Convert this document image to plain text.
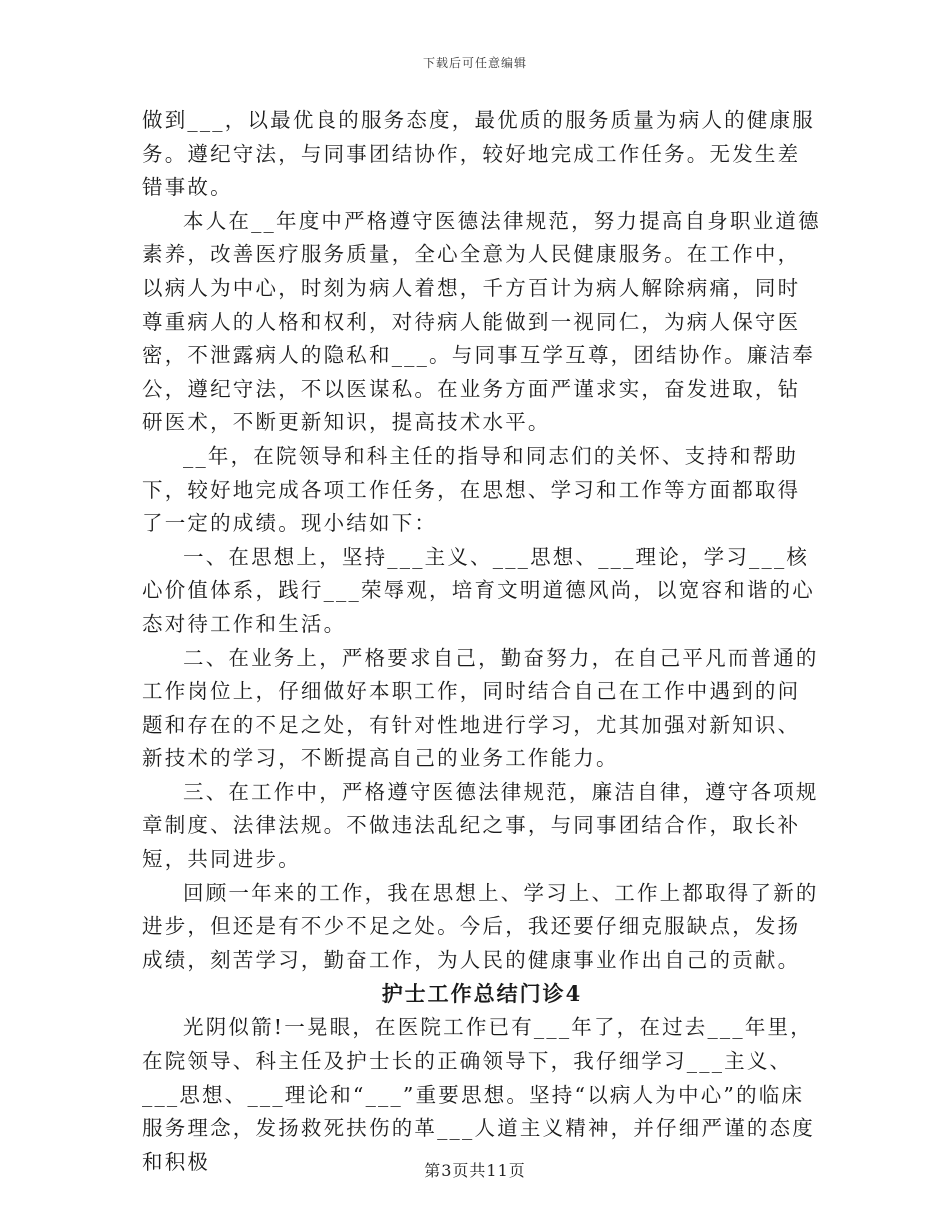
下载后可任意编辑

做到___，以最优良的服务态度，最优质的服务质量为病人的健康服务。遵纪守法，与同事团结协作，较好地完成工作任务。无发生差错事故。

本人在__年度中严格遵守医德法律规范，努力提高自身职业道德素养，改善医疗服务质量，全心全意为人民健康服务。在工作中，以病人为中心，时刻为病人着想，千方百计为病人解除病痛，同时尊重病人的人格和权利，对待病人能做到一视同仁，为病人保守医密，不泄露病人的隐私和___。与同事互学互尊，团结协作。廉洁奉公，遵纪守法，不以医谋私。在业务方面严谨求实，奋发进取，钻研医术，不断更新知识，提高技术水平。

__年，在院领导和科主任的指导和同志们的关怀、支持和帮助下，较好地完成各项工作任务，在思想、学习和工作等方面都取得了一定的成绩。现小结如下：

一、在思想上，坚持___主义、___思想、___理论，学习___核心价值体系，践行___荣辱观，培育文明道德风尚，以宽容和谐的心态对待工作和生活。

二、在业务上，严格要求自己，勤奋努力，在自己平凡而普通的工作岗位上，仔细做好本职工作，同时结合自己在工作中遇到的问题和存在的不足之处，有针对性地进行学习，尤其加强对新知识、新技术的学习，不断提高自己的业务工作能力。

三、在工作中，严格遵守医德法律规范，廉洁自律，遵守各项规章制度、法律法规。不做违法乱纪之事，与同事团结合作，取长补短，共同进步。

回顾一年来的工作，我在思想上、学习上、工作上都取得了新的进步，但还是有不少不足之处。今后，我还要仔细克服缺点，发扬成绩，刻苦学习，勤奋工作，为人民的健康事业作出自己的贡献。

护士工作总结门诊4

光阴似箭!一晃眼，在医院工作已有___年了，在过去___年里，在院领导、科主任及护士长的正确领导下，我仔细学习___主义、___思想、___理论和“___”重要思想。坚持“以病人为中心”的临床服务理念，发扬救死扶伤的革___人道主义精神，并仔细严谨的态度和积极	第3页共11页
